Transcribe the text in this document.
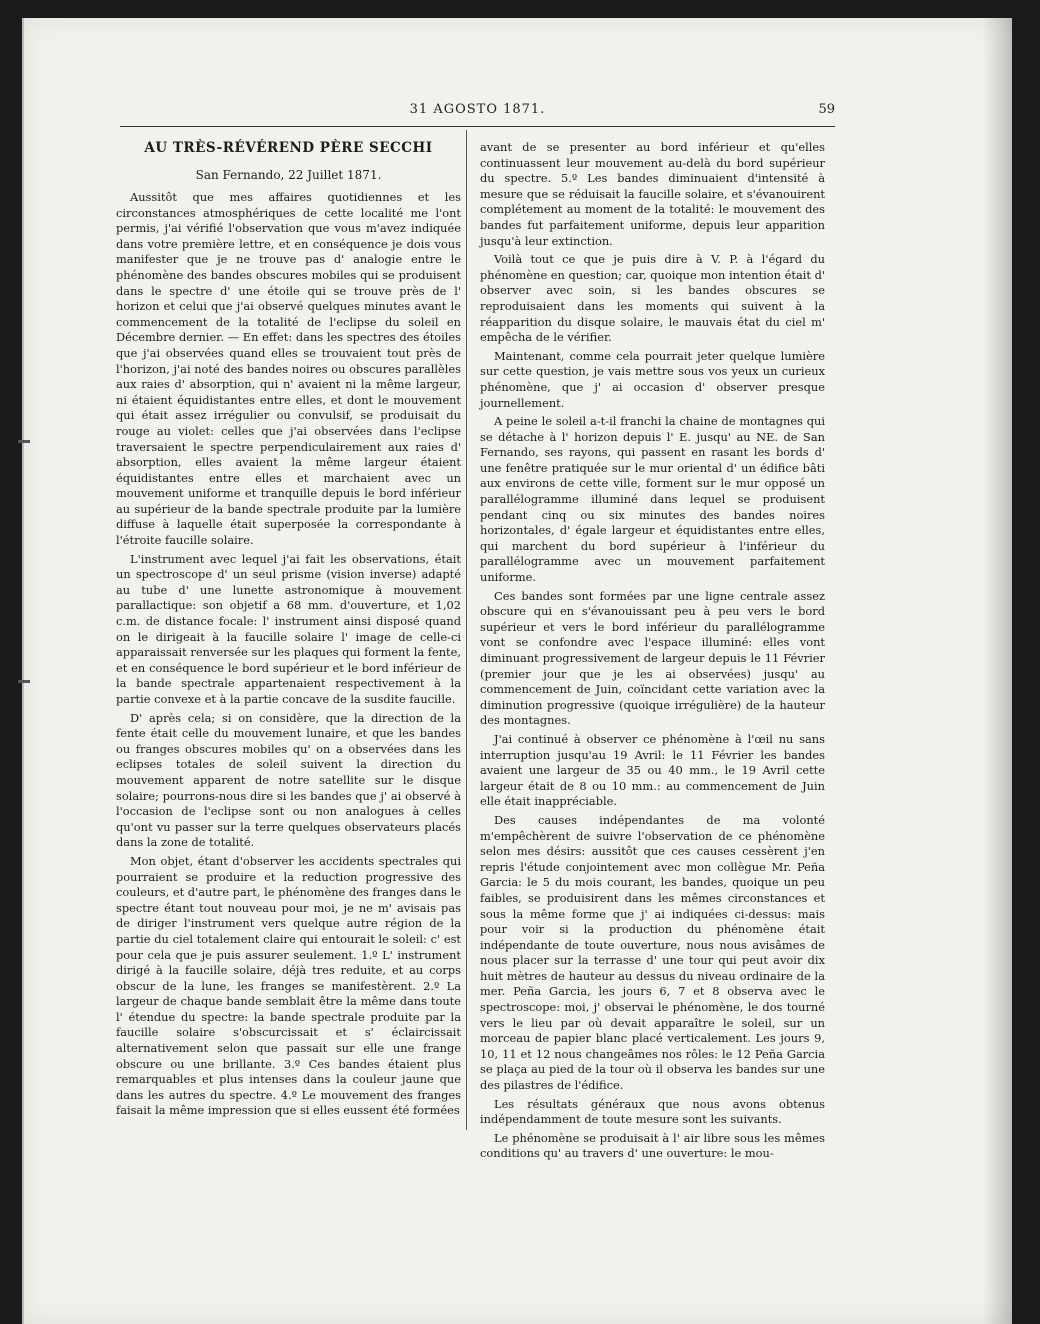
31 AGOSTO 1871.	59
AU TRÈS-RÉVÉREND PÈRE SECCHI
San Fernando, 22 Juillet 1871.

Aussitôt que mes affaires quotidiennes et les circonstances atmosphériques de cette localité me l'ont permis, j'ai vérifié l'observation que vous m'avez indiquée dans votre première lettre, et en conséquence je dois vous manifester que je ne trouve pas d' analogie entre le phénomène des bandes obscures mobiles qui se produisent dans le spectre d' une étoile qui se trouve près de l' horizon et celui que j'ai observé quelques minutes avant le commencement de la totalité de l'eclipse du soleil en Décembre dernier. — En effet: dans les spectres des étoiles que j'ai observées quand elles se trouvaient tout près de l'horizon, j'ai noté des bandes noires ou obscures parallèles aux raies d' absorption, qui n' avaient ni la même largeur, ni étaient équidistantes entre elles, et dont le mouvement qui était assez irrégulier ou convulsif, se produisait du rouge au violet: celles que j'ai observées dans l'eclipse traversaient le spectre perpendiculairement aux raies d' absorption, elles avaient la même largeur étaient équidistantes entre elles et marchaient avec un mouvement uniforme et tranquille depuis le bord inférieur au supérieur de la bande spectrale produite par la lumière diffuse à laquelle était superposée la correspondante à l'étroite faucille solaire.

L'instrument avec lequel j'ai fait les observations, était un spectroscope d' un seul prisme (vision inverse) adapté au tube d' une lunette astronomique à mouvement parallactique: son objetif a 68 mm. d'ouverture, et 1,02 c.m. de distance focale: l' instrument ainsi disposé quand on le dirigeait à la faucille solaire l' image de celle-ci apparaissait renversée sur les plaques qui forment la fente, et en conséquence le bord supérieur et le bord inférieur de la bande spectrale appartenaient respectivement à la partie convexe et à la partie concave de la susdite faucille.

D' après cela; si on considère, que la direction de la fente était celle du mouvement lunaire, et que les bandes ou franges obscures mobiles qu' on a observées dans les eclipses totales de soleil suivent la direction du mouvement apparent de notre satellite sur le disque solaire; pourrons-nous dire si les bandes que j' ai observé à l'occasion de l'eclipse sont ou non analogues à celles qu'ont vu passer sur la terre quelques observateurs placés dans la zone de totalité.

Mon objet, étant d'observer les accidents spectrales qui pourraient se produire et la reduction progressive des couleurs, et d'autre part, le phénomène des franges dans le spectre étant tout nouveau pour moi, je ne m' avisais pas de diriger l'instrument vers quelque autre région de la partie du ciel totalement claire qui entourait le soleil: c' est pour cela que je puis assurer seulement. 1.º L' instrument dirigé à la faucille solaire, déjà tres reduite, et au corps obscur de la lune, les franges se manifestèrent. 2.º La largeur de chaque bande semblait être la même dans toute l' étendue du spectre: la bande spectrale produite par la faucille solaire s'obscurcissait et s' éclaircissait alternativement selon que passait sur elle une frange obscure ou une brillante. 3.º Ces bandes étaient plus remarquables et plus intenses dans la couleur jaune que dans les autres du spectre. 4.º Le mouvement des franges faisait la même impression que si elles eussent été formées

avant de se presenter au bord inférieur et qu'elles continuassent leur mouvement au-delà du bord supérieur du spectre. 5.º Les bandes diminuaient d'intensité à mesure que se réduisait la faucille solaire, et s'évanouirent complétement au moment de la totalité: le mouvement des bandes fut parfaitement uniforme, depuis leur apparition jusqu'à leur extinction.

Voilà tout ce que je puis dire à V. P. à l'égard du phénomène en question; car, quoique mon intention était d' observer avec soin, si les bandes obscures se reproduisaient dans les moments qui suivent à la réapparition du disque solaire, le mauvais état du ciel m' empêcha de le vérifier.

Maintenant, comme cela pourrait jeter quelque lumière sur cette question, je vais mettre sous vos yeux un curieux phénomène, que j' ai occasion d' observer presque journellement.

A peine le soleil a-t-il franchi la chaine de montagnes qui se détache à l' horizon depuis l' E. jusqu' au NE. de San Fernando, ses rayons, qui passent en rasant les bords d' une fenêtre pratiquée sur le mur oriental d' un édifice bâti aux environs de cette ville, forment sur le mur opposé un parallélogramme illuminé dans lequel se produisent pendant cinq ou six minutes des bandes noires horizontales, d' égale largeur et équidistantes entre elles, qui marchent du bord supérieur à l'inférieur du parallélogramme avec un mouvement parfaitement uniforme.

Ces bandes sont formées par une ligne centrale assez obscure qui en s'évanouissant peu à peu vers le bord supérieur et vers le bord inférieur du parallélogramme vont se confondre avec l'espace illuminé: elles vont diminuant progressivement de largeur depuis le 11 Février (premier jour que je les ai observées) jusqu' au commencement de Juin, coïncidant cette variation avec la diminution progressive (quoique irrégulière) de la hauteur des montagnes.

J'ai continué à observer ce phénomène à l'œil nu sans interruption jusqu'au 19 Avril: le 11 Février les bandes avaient une largeur de 35 ou 40 mm., le 19 Avril cette largeur était de 8 ou 10 mm.: au commencement de Juin elle était inappréciable.

Des causes indépendantes de ma volonté m'empêchèrent de suivre l'observation de ce phénomène selon mes désirs: aussitôt que ces causes cessèrent j'en repris l'étude conjointement avec mon collègue Mr. Peña Garcia: le 5 du mois courant, les bandes, quoique un peu faibles, se produisirent dans les mêmes circonstances et sous la même forme que j' ai indiquées ci-dessus: mais pour voir si la production du phénomène était indépendante de toute ouverture, nous nous avisâmes de nous placer sur la terrasse d' une tour qui peut avoir dix huit mètres de hauteur au dessus du niveau ordinaire de la mer. Peña Garcia, les jours 6, 7 et 8 observa avec le spectroscope: moi, j' observai le phénomène, le dos tourné vers le lieu par où devait apparaître le soleil, sur un morceau de papier blanc placé verticalement. Les jours 9, 10, 11 et 12 nous changeâmes nos rôles: le 12 Peña Garcia se plaça au pied de la tour où il observa les bandes sur une des pilastres de l'édifice.

Les résultats généraux que nous avons obtenus indépendamment de toute mesure sont les suivants.

Le phénomène se produisait à l' air libre sous les mêmes conditions qu' au travers d' une ouverture: le mou-
